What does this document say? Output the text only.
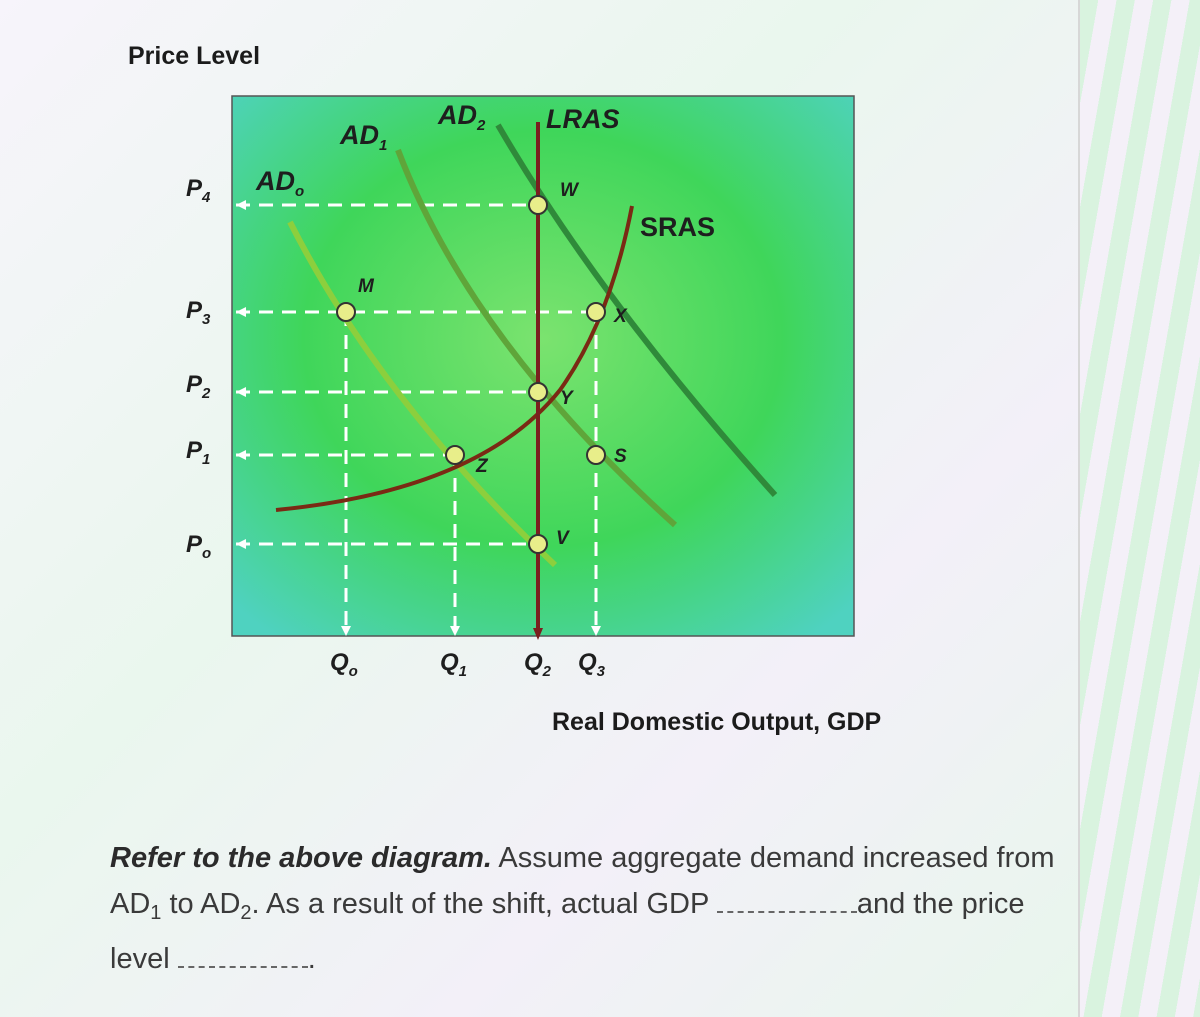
Price Level
M
Z
W
Y
V
X
S
$AD_o$
$AD_1$
$AD_2$ LRAS
SRAS
$P_4$
$P_3$
$P_2$
$P_1$
$P_o$
$Q_o$	$Q_1$ $Q_2$ $Q_3$
Real Domestic Output, GDP
Refer to the above diagram. Assume aggregate demand increased from
$AD_1$ to $AD_2$. As a result of the shift, actual GDP	and the price
level	.
